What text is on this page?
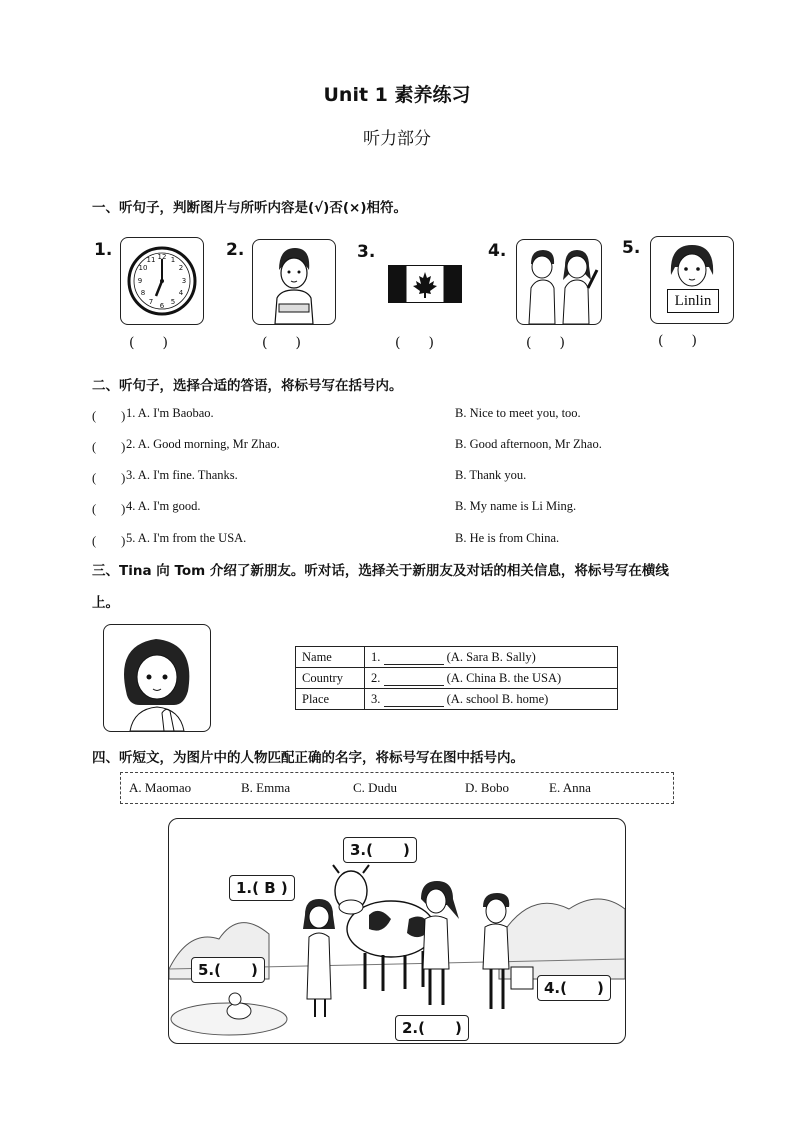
Unit 1 素养练习
听力部分
一、听句子，判断图片与所听内容是(√)否(×)相符。
1.	12 1
2
3
4
5
6
7
8
9
10
11
(　　)
2.
(　　)
3.
(　　)
4.
(　　)
5.
Linlin
(　　)
二、听句子，选择合适的答语，将标号写在括号内。
(　　) 1. A. I'm Baobao.	B. Nice to meet you, too.
(　　) 2. A. Good morning, Mr Zhao.	B. Good afternoon, Mr Zhao.
(　　) 3. A. I'm fine. Thanks.	B. Thank you.
(　　) 4. A. I'm good.	B. My name is Li Ming.
(　　) 5. A. I'm from the USA.	B. He is from China.
三、Tina 向 Tom 介绍了新朋友。听对话，选择关于新朋友及对话的相关信息，将标号写在横线
上。
Name	1. (A. Sara B. Sally)
Country	2. (A. China B. the USA)
Place	3. (A. school B. home)
四、听短文，为图片中的人物匹配正确的名字，将标号写在图中括号内。
A. Maomao	B. Emma	C. Dudu	D. Bobo	E. Anna
1.( B )
2.(　　)
3.(　　)
4.(　　)
5.(　　)
